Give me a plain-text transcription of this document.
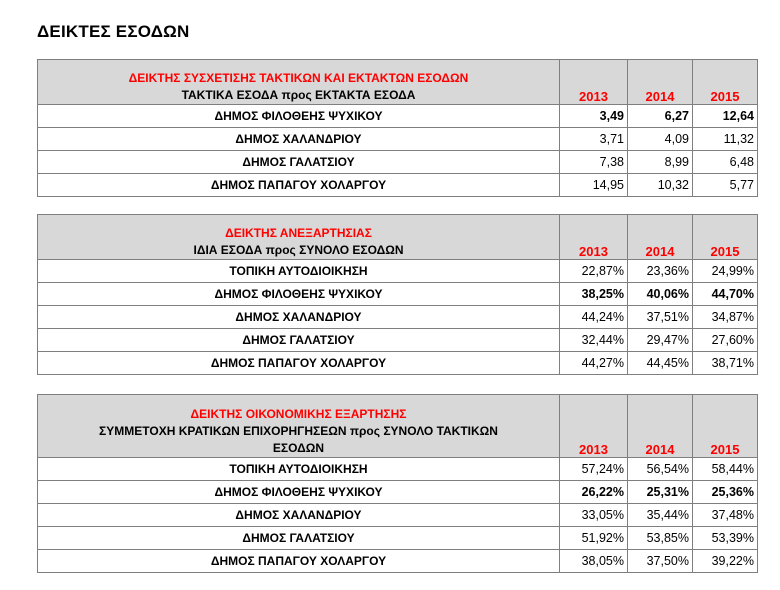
ΔΕΙΚΤΕΣ ΕΣΟΔΩΝ
ΔΕΙΚΤΗΣ ΣΥΣΧΕΤΙΣΗΣ ΤΑΚΤΙΚΩΝ ΚΑΙ ΕΚΤΑΚΤΩΝ ΕΣΟΔΩΝ
ΤΑΚΤΙΚΑ ΕΣΟΔΑ προς ΕΚΤΑΚΤΑ ΕΣΟΔΑ	2013	2014	2015
ΔΗΜΟΣ ΦΙΛΟΘΕΗΣ ΨΥΧΙΚΟΥ	3,49	6,27	12,64
ΔΗΜΟΣ ΧΑΛΑΝΔΡΙΟΥ	3,71	4,09	11,32
ΔΗΜΟΣ ΓΑΛΑΤΣΙΟΥ	7,38	8,99	6,48
ΔΗΜΟΣ ΠΑΠΑΓΟΥ ΧΟΛΑΡΓΟΥ	14,95	10,32	5,77
ΔΕΙΚΤΗΣ ΑΝΕΞΑΡΤΗΣΙΑΣ
ΙΔΙΑ ΕΣΟΔΑ προς ΣΥΝΟΛΟ ΕΣΟΔΩΝ	2013	2014	2015
ΤΟΠΙΚΗ ΑΥΤΟΔΙΟΙΚΗΣΗ	22,87%	23,36%	24,99%
ΔΗΜΟΣ ΦΙΛΟΘΕΗΣ ΨΥΧΙΚΟΥ	38,25%	40,06%	44,70%
ΔΗΜΟΣ ΧΑΛΑΝΔΡΙΟΥ	44,24%	37,51%	34,87%
ΔΗΜΟΣ ΓΑΛΑΤΣΙΟΥ	32,44%	29,47%	27,60%
ΔΗΜΟΣ ΠΑΠΑΓΟΥ ΧΟΛΑΡΓΟΥ	44,27%	44,45%	38,71%
ΔΕΙΚΤΗΣ ΟΙΚΟΝΟΜΙΚΗΣ ΕΞΑΡΤΗΣΗΣ
ΣΥΜΜΕΤΟΧΗ ΚΡΑΤΙΚΩΝ ΕΠΙΧΟΡΗΓΗΣΕΩΝ προς ΣΥΝΟΛΟ ΤΑΚΤΙΚΩΝ
ΕΣΟΔΩΝ	2013	2014	2015
ΤΟΠΙΚΗ ΑΥΤΟΔΙΟΙΚΗΣΗ	57,24%	56,54%	58,44%
ΔΗΜΟΣ ΦΙΛΟΘΕΗΣ ΨΥΧΙΚΟΥ	26,22%	25,31%	25,36%
ΔΗΜΟΣ ΧΑΛΑΝΔΡΙΟΥ	33,05%	35,44%	37,48%
ΔΗΜΟΣ ΓΑΛΑΤΣΙΟΥ	51,92%	53,85%	53,39%
ΔΗΜΟΣ ΠΑΠΑΓΟΥ ΧΟΛΑΡΓΟΥ	38,05%	37,50%	39,22%
